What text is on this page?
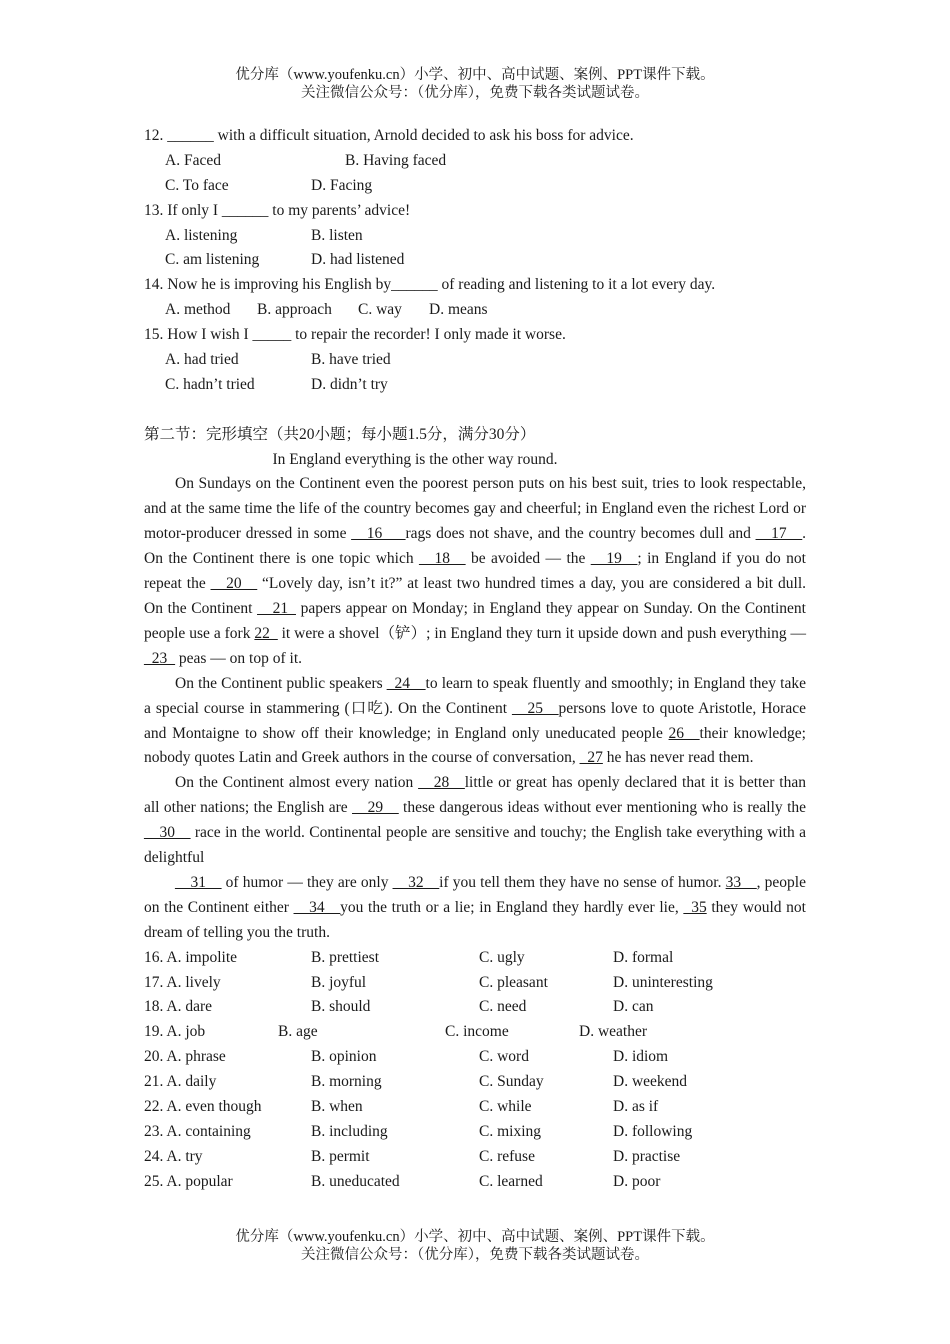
优分库（www.youfenku.cn）小学、初中、高中试题、案例、PPT课件下载。
关注微信公众号：（优分库），免费下载各类试题试卷。
12. ______ with a difficult situation, Arnold decided to ask his boss for advice.
A. Faced	B. Having faced
C. To face	D. Facing
13. If only I ______ to my parents’ advice!
A. listening	B. listen
C. am listening	D. had listened
14. Now he is improving his English by______ of reading and listening to it a lot every day.
A. method B. approach C. way D. means
15. How I wish I _____ to repair the recorder! I only made it worse.
A. had tried	B. have tried
C. hadn’t tried	D. didn’t try
第二节：完形填空（共20小题；每小题1.5分，满分30分）
In England everything is the other way round.
On Sundays on the Continent even the poorest person puts on his best suit, tries to look respectable, and at the same time the life of the country becomes gay and cheerful; in England even the richest Lord or motor-producer dressed in some __16___rags does not shave, and the country becomes dull and __17__. On the Continent there is one topic which __18__ be avoided — the __19__; in England if you do not repeat the __20__ “Lovely day, isn’t it?” at least two hundred times a day, you are considered a bit dull. On the Continent __21_ papers appear on Monday; in England they appear on Sunday. On the Continent people use a fork 22_ it were a shovel（铲）; in England they turn it upside down and push everything — _23_ peas — on top of it.
On the Continent public speakers _24__to learn to speak fluently and smoothly; in England they take a special course in stammering (口吃). On the Continent __25__persons love to quote Aristotle, Horace and Montaigne to show off their knowledge; in England only uneducated people 26__their knowledge; nobody quotes Latin and Greek authors in the course of conversation, _27 he has never read them.
On the Continent almost every nation __28__little or great has openly declared that it is better than all other nations; the English are __29__ these dangerous ideas without ever mentioning who is really the __30__ race in the world. Continental people are sensitive and touchy; the English take everything with a delightful
__31__ of humor — they are only __32__if you tell them they have no sense of humor. 33__, people on the Continent either __34__you the truth or a lie; in England they hardly ever lie, _35 they would not dream of telling you the truth.
16. A. impolite	B. prettiest	C. ugly	D. formal
17. A. lively	B. joyful	C. pleasant	D. uninteresting
18. A. dare	B. should	C. need	D. can
19. A. job	B. age	C. income	D. weather
20. A. phrase	B. opinion	C. word	D. idiom
21. A. daily	B. morning	C. Sunday	D. weekend
22. A. even though	B. when	C. while	D. as if
23. A. containing	B. including	C. mixing	D. following
24. A. try	B. permit	C. refuse	D. practise
25. A. popular	B. uneducated	C. learned	D. poor
优分库（www.youfenku.cn）小学、初中、高中试题、案例、PPT课件下载。
关注微信公众号：（优分库），免费下载各类试题试卷。
